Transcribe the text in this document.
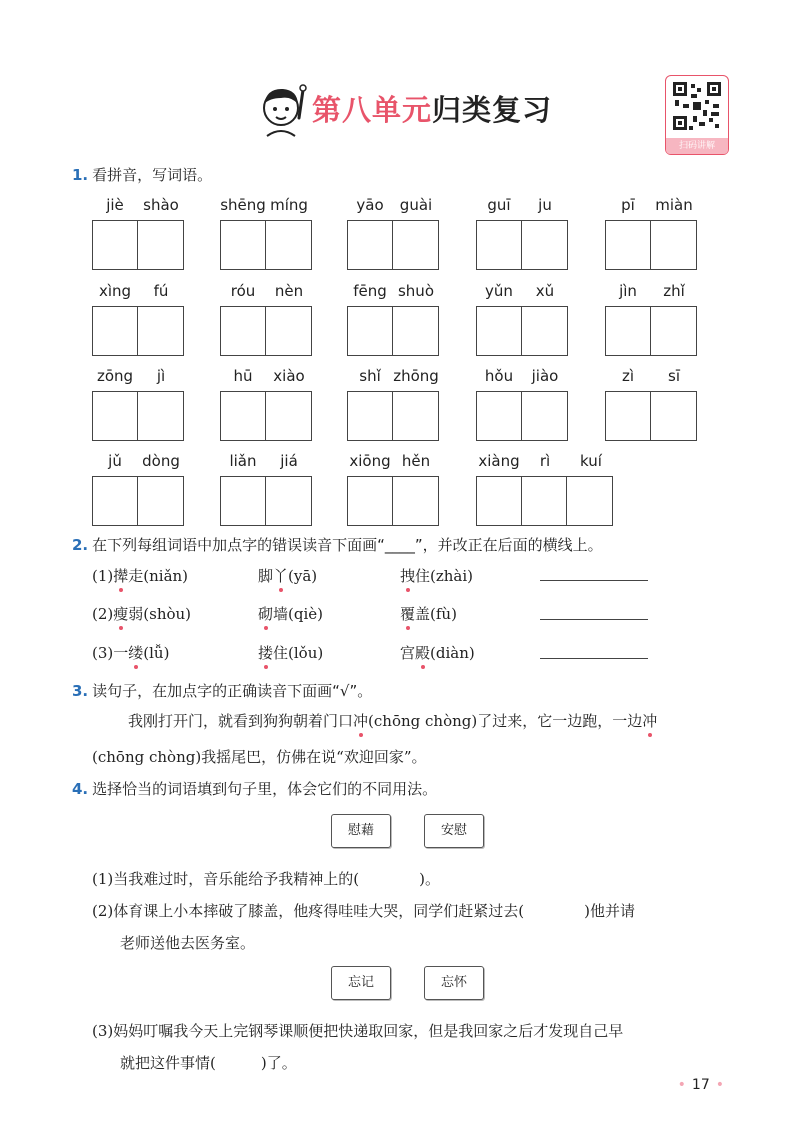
第八单元归类复习
扫码讲解
1. 看拼音，写词语。
jiè	shào	shēng míng	yāo	guài	guī	ju	pī	miàn
xìng	fú	róu	nèn	fēng shuò	yǔn	xǔ	jìn	zhǐ
zōng	jì	hū	xiào	shǐ zhōng	hǒu	jiào	zì	sī
jǔ	dòng	liǎn	jiá	xiōng hěn	xiàng	rì	kuí
2. 在下列每组词语中加点字的错误读音下面画“____”，并改正在后面的横线上。
(1)撵走(niǎn)	脚丫(yā)	拽住(zhài)
(2)瘦弱(shòu)	砌墙(qiè)	覆盖(fù)
(3)一缕(lǚ)	搂住(lǒu)	宫殿(diàn)
3. 读句子，在加点字的正确读音下面画“√”。
我刚打开门，就看到狗狗朝着门口冲(chōng chòng)了过来，它一边跑，一边冲
(chōng chòng)我摇尾巴，仿佛在说“欢迎回家”。
4. 选择恰当的词语填到句子里，体会它们的不同用法。
慰藉	安慰
(1)当我难过时，音乐能给予我精神上的(　　　　)。
(2)体育课上小本摔破了膝盖，他疼得哇哇大哭，同学们赶紧过去(　　　　)他并请
老师送他去医务室。
忘记	忘怀
(3)妈妈叮嘱我今天上完钢琴课顺便把快递取回家，但是我回家之后才发现自己早
就把这件事情(　　　)了。
• 17 •
